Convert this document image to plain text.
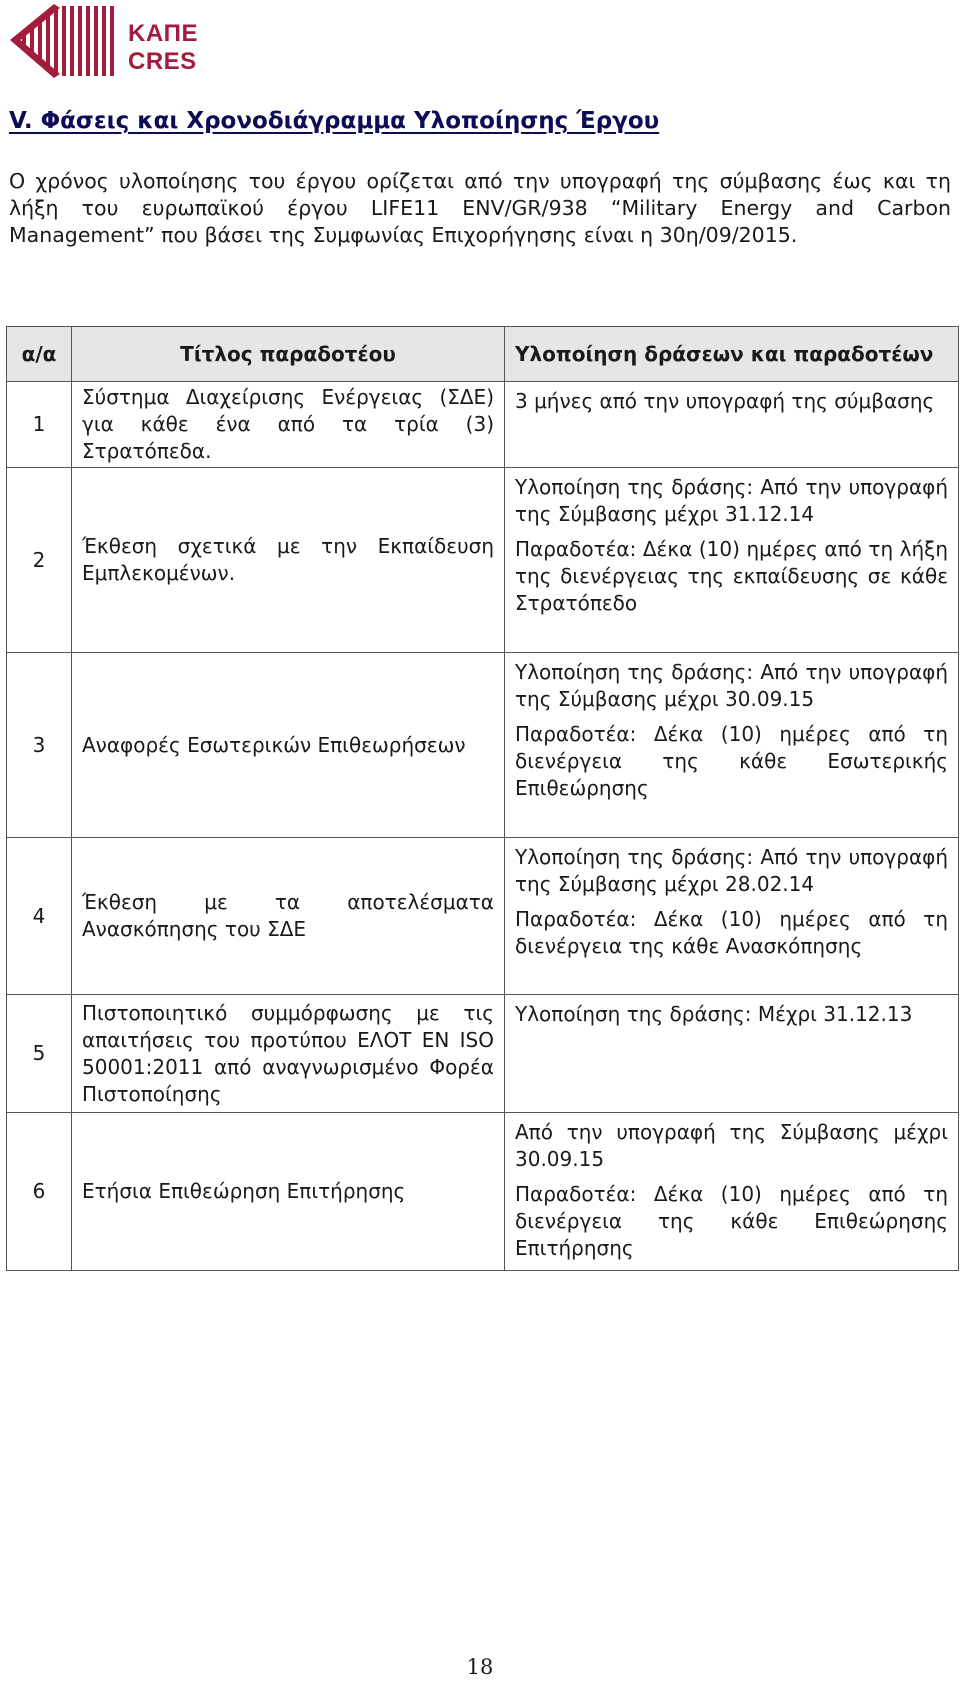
ΚΑΠΕ
CRES
V. Φάσεις και Χρονοδιάγραμμα Υλοποίησης Έργου

Ο χρόνος υλοποίησης του έργου ορίζεται από την υπογραφή της σύμβασης έως και τη λήξη του ευρωπαϊκού έργου LIFE11 ENV/GR/938 “Military Energy and Carbon Management” που βάσει της Συμφωνίας Επιχορήγησης είναι η 30η/09/2015.

α/α	Τίτλος παραδοτέου	Υλοποίηση δράσεων και παραδοτέων
1	Σύστημα Διαχείρισης Ενέργειας (ΣΔΕ) για κάθε ένα από τα τρία (3) Στρατόπεδα.	3 μήνες από την υπογραφή της σύμβασης

2	Έκθεση σχετικά με την Εκπαίδευση Εμπλεκομένων.	Υλοποίηση της δράσης: Από την υπογραφή της Σύμβασης μέχρι 31.12.14

Παραδοτέα: Δέκα (10) ημέρες από τη λήξη της διενέργειας της εκπαίδευσης σε κάθε Στρατόπεδο

3	Αναφορές Εσωτερικών Επιθεωρήσεων	Υλοποίηση της δράσης: Από την υπογραφή της Σύμβασης μέχρι 30.09.15

Παραδοτέα: Δέκα (10) ημέρες από τη διενέργεια της κάθε Εσωτερικής Επιθεώρησης

4	Έκθεση με τα αποτελέσματα Ανασκόπησης του ΣΔΕ	Υλοποίηση της δράσης: Από την υπογραφή της Σύμβασης μέχρι 28.02.14

Παραδοτέα: Δέκα (10) ημέρες από τη διενέργεια της κάθε Ανασκόπησης

5	Πιστοποιητικό συμμόρφωσης με τις απαιτήσεις του προτύπου ΕΛΟΤ ΕΝ ISO 50001:2011 από αναγνωρισμένο Φορέα Πιστοποίησης	Υλοποίηση της δράσης: Μέχρι 31.12.13

6	Ετήσια Επιθεώρηση Επιτήρησης	Από την υπογραφή της Σύμβασης μέχρι 30.09.15

Παραδοτέα: Δέκα (10) ημέρες από τη διενέργεια της κάθε Επιθεώρησης Επιτήρησης

18
